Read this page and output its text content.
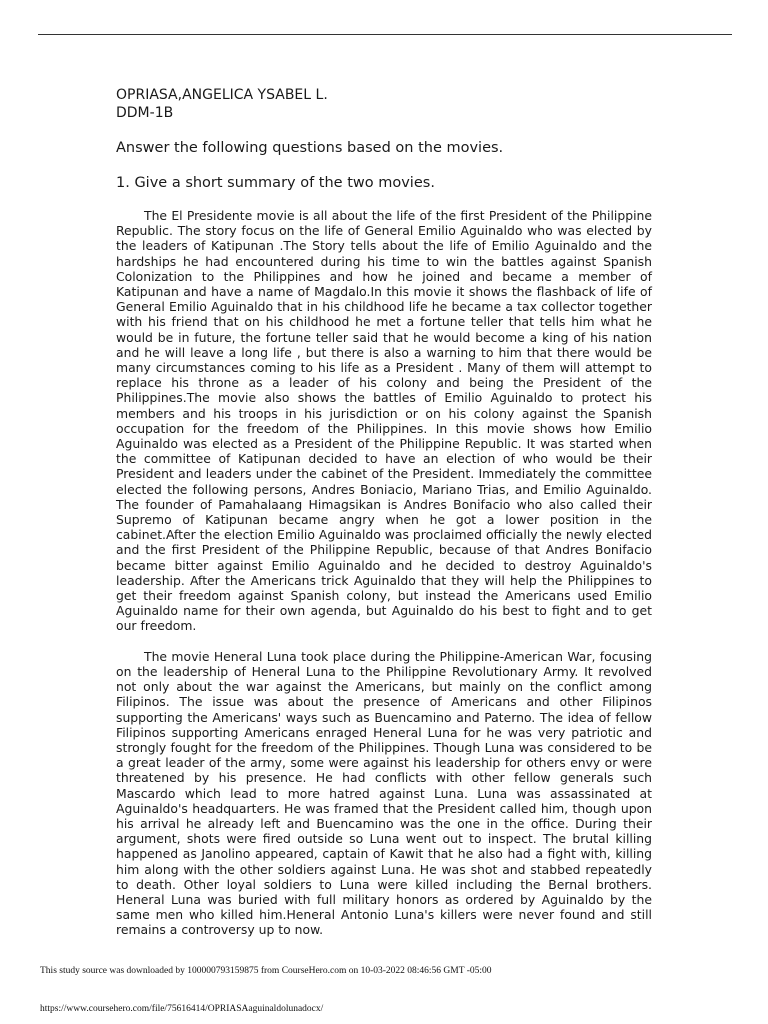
OPRIASA,ANGELICA YSABEL L.

DDM-1B

Answer the following questions based on the movies.

1. Give a short summary of the two movies.

The El Presidente movie is all about the life of the first President of the Philippine Republic. The story focus on the life of General Emilio Aguinaldo who was elected by the leaders of Katipunan .The Story tells about the life of Emilio Aguinaldo and the hardships he had encountered during his time to win the battles against Spanish Colonization to the Philippines and how he joined and became a member of Katipunan and have a name of Magdalo.In this movie it shows the flashback of life of General Emilio Aguinaldo that in his childhood life he became a tax collector together with his friend that on his childhood he met a fortune teller that tells him what he would be in future, the fortune teller said that he would become a king of his nation and he will leave a long life , but there is also a warning to him that there would be many circumstances coming to his life as a President . Many of them will attempt to replace his throne as a leader of his colony and being the President of the Philippines.The movie also shows the battles of Emilio Aguinaldo to protect his members and his troops in his jurisdiction or on his colony against the Spanish occupation for the freedom of the Philippines. In this movie shows how Emilio Aguinaldo was elected as a President of the Philippine Republic. It was started when the committee of Katipunan decided to have an election of who would be their President and leaders under the cabinet of the President. Immediately the committee elected the following persons, Andres Boniacio, Mariano Trias, and Emilio Aguinaldo. The founder of Pamahalaang Himagsikan is Andres Bonifacio who also called their Supremo of Katipunan became angry when he got a lower position in the cabinet.After the election Emilio Aguinaldo was proclaimed officially the newly elected and the first President of the Philippine Republic, because of that Andres Bonifacio became bitter against Emilio Aguinaldo and he decided to destroy Aguinaldo's leadership. After the Americans trick Aguinaldo that they will help the Philippines to get their freedom against Spanish colony, but instead the Americans used Emilio Aguinaldo name for their own agenda, but Aguinaldo do his best to fight and to get our freedom.

The movie Heneral Luna took place during the Philippine-American War, focusing on the leadership of Heneral Luna to the Philippine Revolutionary Army. It revolved not only about the war against the Americans, but mainly on the conflict among Filipinos. The issue was about the presence of Americans and other Filipinos supporting the Americans' ways such as Buencamino and Paterno. The idea of fellow Filipinos supporting Americans enraged Heneral Luna for he was very patriotic and strongly fought for the freedom of the Philippines. Though Luna was considered to be a great leader of the army, some were against his leadership for others envy or were threatened by his presence. He had conflicts with other fellow generals such Mascardo which lead to more hatred against Luna. Luna was assassinated at Aguinaldo's headquarters. He was framed that the President called him, though upon his arrival he already left and Buencamino was the one in the office. During their argument, shots were fired outside so Luna went out to inspect. The brutal killing happened as Janolino appeared, captain of Kawit that he also had a fight with, killing him along with the other soldiers against Luna. He was shot and stabbed repeatedly to death. Other loyal soldiers to Luna were killed including the Bernal brothers. Heneral Luna was buried with full military honors as ordered by Aguinaldo by the same men who killed him.Heneral Antonio Luna's killers were never found and still remains a controversy up to now.

This study source was downloaded by 100000793159875 from CourseHero.com on 10-03-2022 08:46:56 GMT -05:00
https://www.coursehero.com/file/75616414/OPRIASAaguinaldolunadocx/
